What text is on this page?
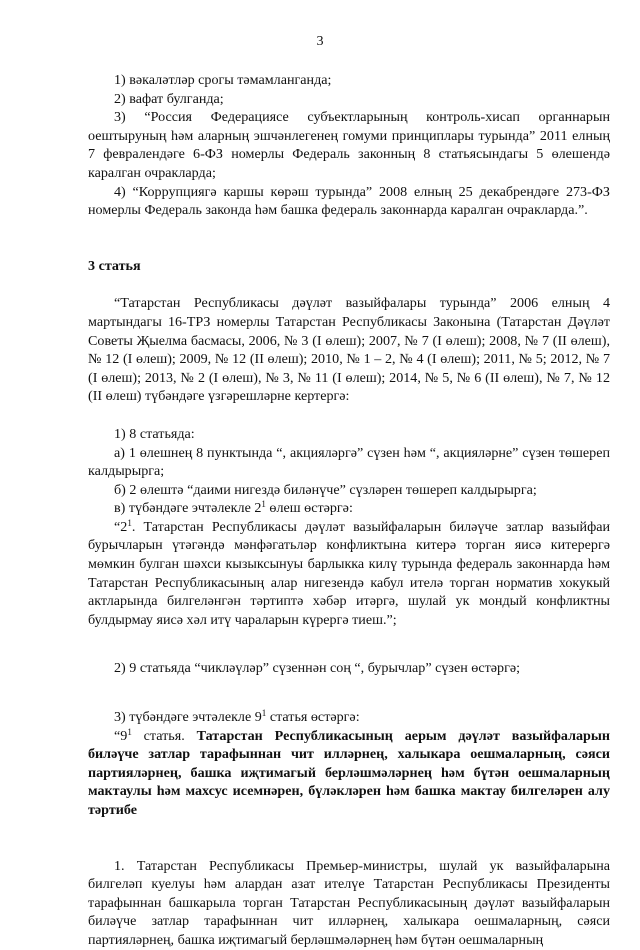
3

1) вәкаләтләр срогы тәмамланганда;

2) вафат булганда;

3) “Россия Федерациясе субъектларының контроль-хисап органнарын оештыруның һәм аларның эшчәнлегенең гомуми принциплары турында” 2011 елның 7 февралендәге 6-ФЗ номерлы Федераль законның 8 статьясындагы 5 өлешендә каралган очракларда;

4) “Коррупциягә каршы көрәш турында” 2008 елның 25 декабрендәге 273-ФЗ номерлы Федераль законда һәм башка федераль законнарда каралган очракларда.”.

3 статья

“Татарстан Республикасы дәүләт вазыйфалары турында” 2006 елның 4 мартындагы 16-ТРЗ номерлы Татарстан Республикасы Законына (Татарстан Дәүләт Советы Җыелма басмасы, 2006, № 3 (I өлеш); 2007, № 7 (I өлеш); 2008, № 7 (II өлеш), № 12 (I өлеш); 2009, № 12 (II өлеш); 2010, № 1 – 2, № 4 (I өлеш); 2011, № 5; 2012, № 7 (I өлеш); 2013, № 2 (I өлеш), № 3, № 11 (I өлеш); 2014, № 5, № 6 (II өлеш), № 7, № 12 (II өлеш) түбәндәге үзгәрешләрне кертергә:

1) 8 статьяда:

а) 1 өлешнең 8 пунктында “, акцияләргә” сүзен һәм “, акцияләрне” сүзен төшереп калдырырга;

б) 2 өлештә “даими нигездә биләнүче” сүзләрен төшереп калдырырга;

в) түбәндәге эчтәлекле $2^1$ өлеш өстәргә:

“$2^1$. Татарстан Республикасы дәүләт вазыйфаларын биләүче затлар вазыйфаи бурычларын үтәгәндә мәнфәгатьләр конфликтына китерә торган яисә китерергә мөмкин булган шәхси кызыксынуы барлыкка килү турында федераль законнарда һәм Татарстан Республикасының алар нигезендә кабул ителә торган норматив хокукый актларында билгеләнгән тәртиптә хәбәр итәргә, шулай ук мондый конфликтны булдырмау яисә хәл итү чараларын күрергә тиеш.”;

2) 9 статьяда “чикләүләр” сүзеннән соң “, бурычлар” сүзен өстәргә;

3) түбәндәге эчтәлекле $9^1$ статья өстәргә:

“$9^1$ статья. Татарстан Республикасының аерым дәүләт вазыйфаларын биләүче затлар тарафыннан чит илләрнең, халыкара оешмаларның, сәяси партияләрнең, башка иҗтимагый берләшмәләрнең һәм бүтән оешмаларның мактаулы һәм махсус исемнәрен, бүләкләрен һәм башка мактау билгеләрен алу тәртибе

1. Татарстан Республикасы Премьер-министры, шулай ук вазыйфаларына билгеләп куелуы һәм алардан азат ителүе Татарстан Республикасы Президенты тарафыннан башкарыла торган Татарстан Республикасының дәүләт вазыйфаларын биләүче затлар тарафыннан чит илләрнең, халыкара оешмаларның, сәяси партияләрнең, башка иҗтимагый берләшмәләрнең һәм бүтән оешмаларның
